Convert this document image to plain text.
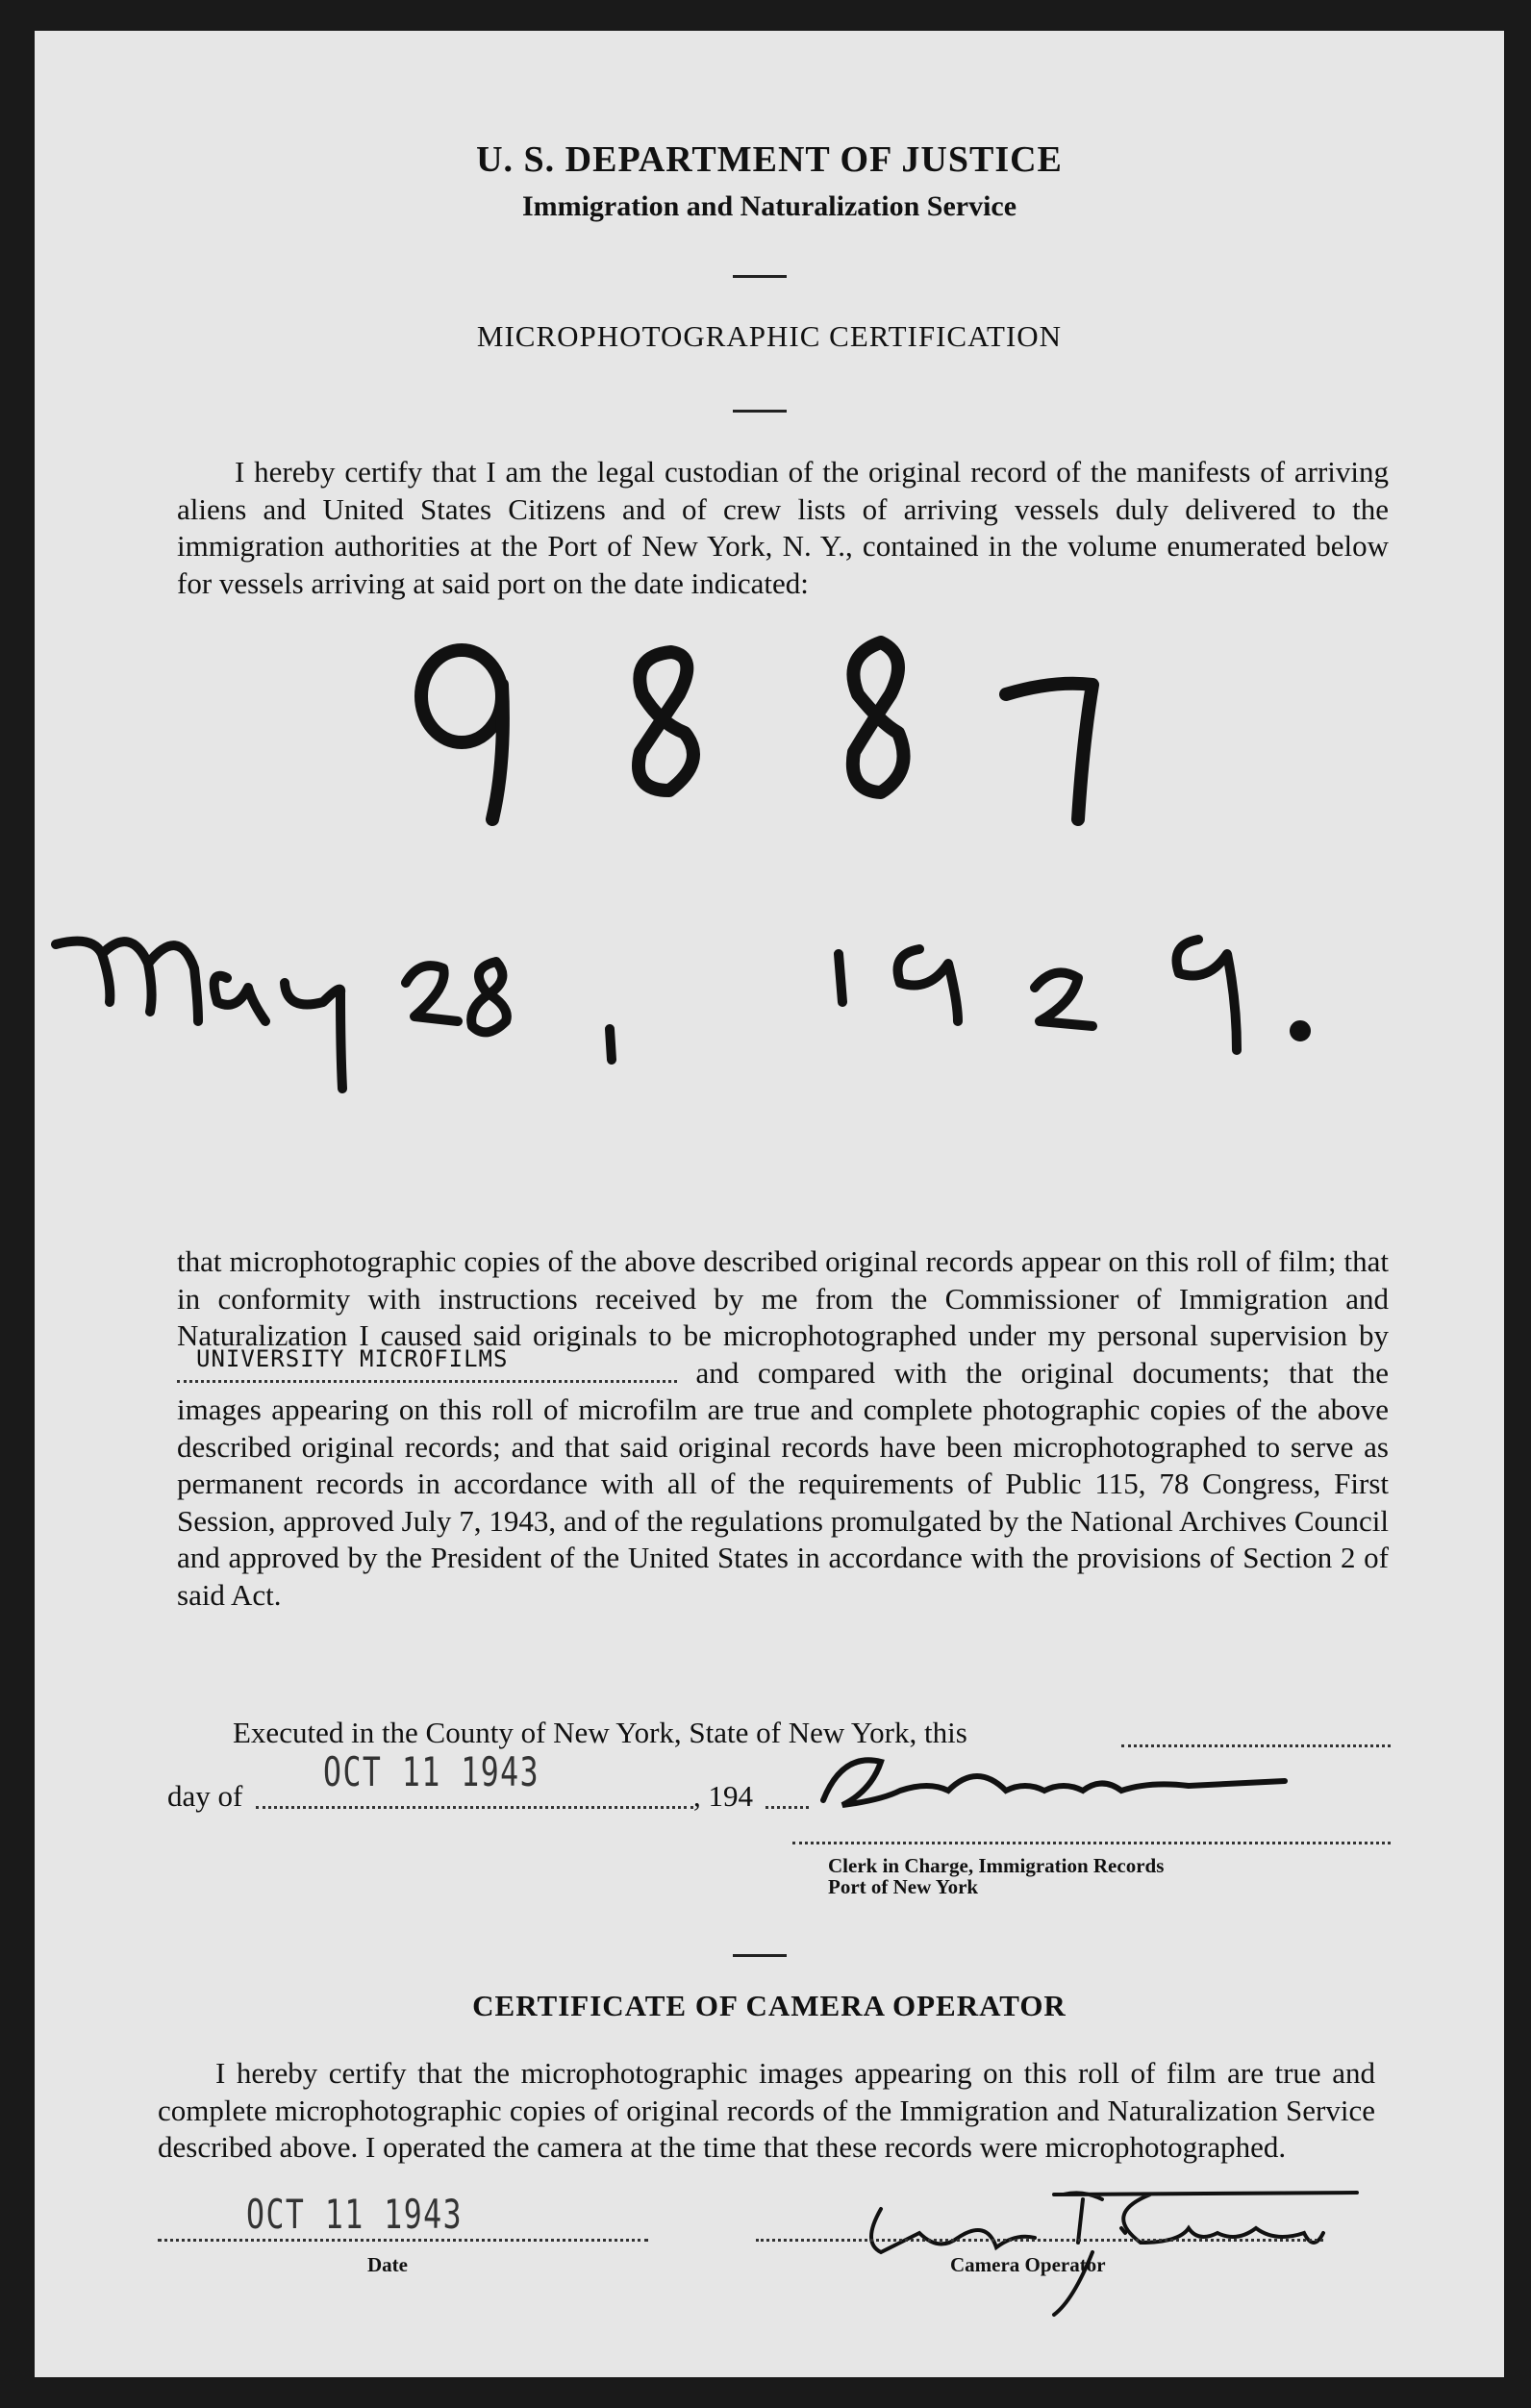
U. S. DEPARTMENT OF JUSTICE
Immigration and Naturalization Service
MICROPHOTOGRAPHIC CERTIFICATION

I hereby certify that I am the legal custodian of the original record of the manifests of arriving aliens and United States Citizens and of crew lists of arriving vessels duly delivered to the immigration authorities at the Port of New York, N. Y., contained in the volume enumerated below for vessels arriving at said port on the date indicated:

that microphotographic copies of the above described original records appear on this roll of film; that in conformity with instructions received by me from the Commissioner of Immigration and Naturalization I caused said originals to be microphotographed under my personal supervision by
UNIVERSITY MICROFILMS	and compared with the original documents; that the images appearing on this roll of microfilm are true and complete photographic copies of the above described original records; and that said original records have been microphotographed to serve as permanent records in accordance with all of the requirements of Public 115, 78 Congress, First Session, approved July 7, 1943, and of the regulations promulgated by the National Archives Council and approved by the President of the United States in accordance with the provisions of Section 2 of said Act.

Executed in the County of New York, State of New York, this
day of
OCT 11 1943
, 194
Clerk in Charge, Immigration Records
Port of New York
CERTIFICATE OF CAMERA OPERATOR

I hereby certify that the microphotographic images appearing on this roll of film are true and complete microphotographic copies of original records of the Immigration and Naturalization Service described above. I operated the camera at the time that these records were microphotographed.

OCT 11 1943
Date	Camera Operator
